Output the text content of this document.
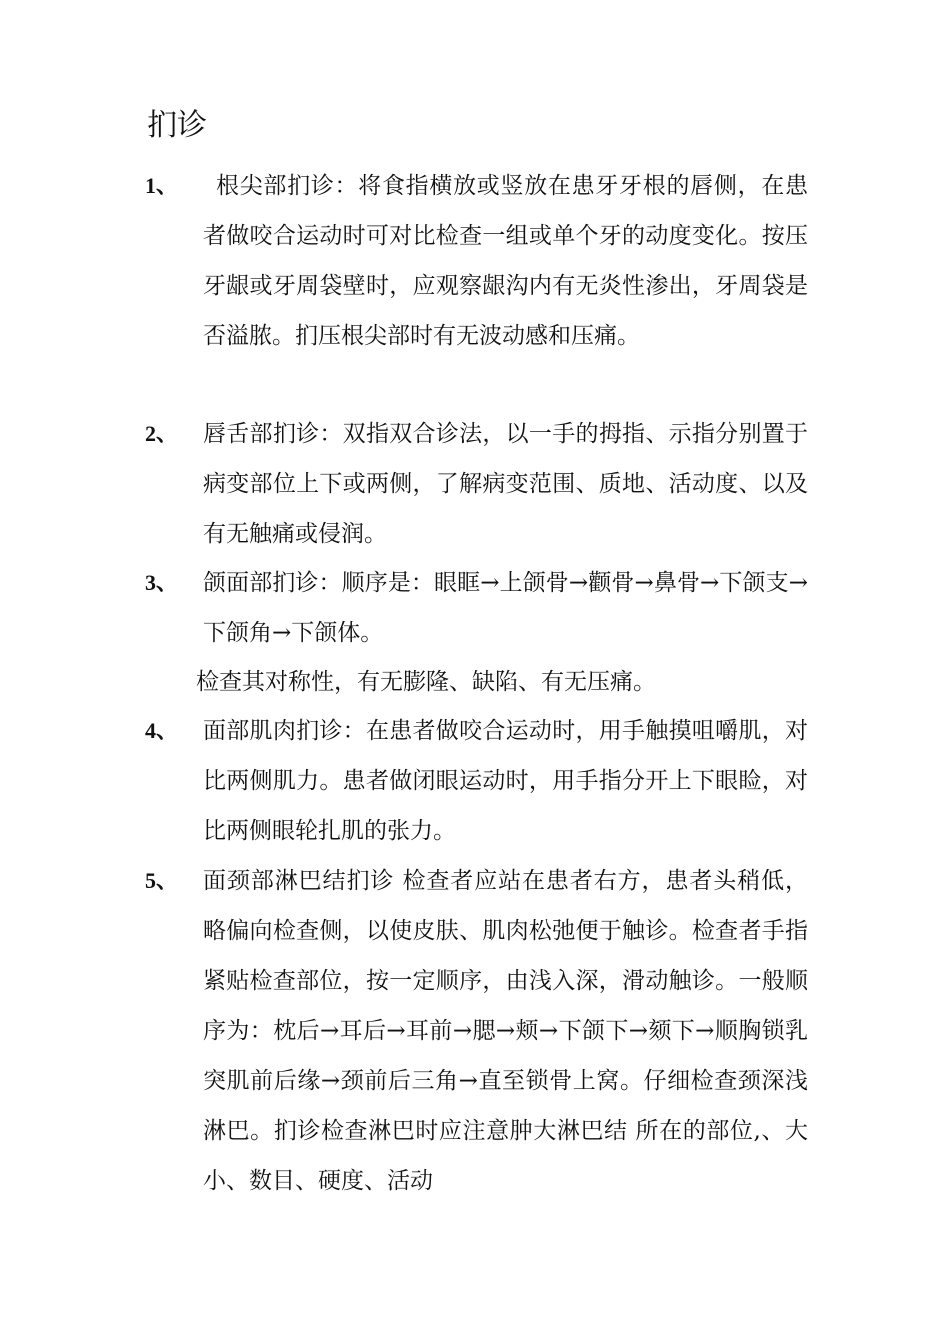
扪诊
1、	根尖部扪诊：将食指横放或竖放在患牙牙根的唇侧，在患者做咬合运动时可对比检查一组或单个牙的动度变化。按压牙龈或牙周袋壁时，应观察龈沟内有无炎性渗出，牙周袋是否溢脓。扪压根尖部时有无波动感和压痛。
2、 唇舌部扪诊：双指双合诊法，以一手的拇指、示指分别置于病变部位上下或两侧，了解病变范围、质地、活动度、以及有无触痛或侵润。
3、 颌面部扪诊：顺序是：眼眶→上颌骨→颧骨→鼻骨→下颌支→下颌角→下颌体。
检查其对称性，有无膨隆、缺陷、有无压痛。
4、 面部肌肉扪诊：在患者做咬合运动时，用手触摸咀嚼肌，对比两侧肌力。患者做闭眼运动时，用手指分开上下眼睑，对比两侧眼轮扎肌的张力。
5、 面颈部淋巴结扪诊 检查者应站在患者右方，患者头稍低，略偏向检查侧，以使皮肤、肌肉松弛便于触诊。检查者手指紧贴检查部位，按一定顺序，由浅入深，滑动触诊。一般顺序为：枕后→耳后→耳前→腮→颊→下颌下→颏下→顺胸锁乳突肌前后缘→颈前后三角→直至锁骨上窝。仔细检查颈深浅淋巴。扪诊检查淋巴时应注意肿大淋巴结 所在的部位,、大小、数目、硬度、活动
